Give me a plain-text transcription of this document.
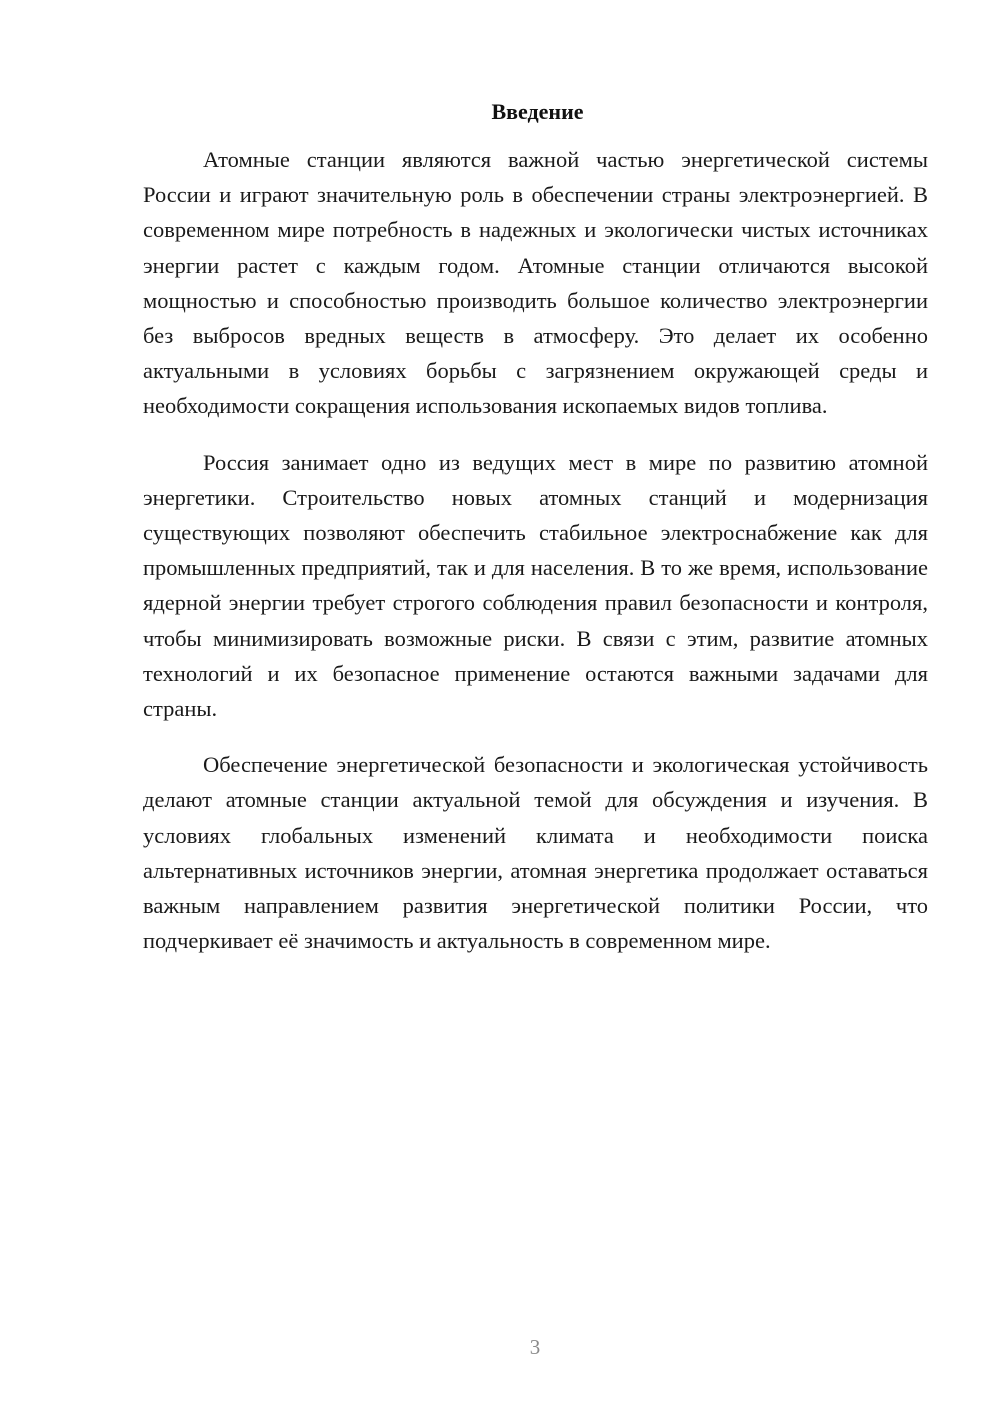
Введение

Атомные станции являются важной частью энергетической системы России и играют значительную роль в обеспечении страны электроэнергией. В современном мире потребность в надежных и экологически чистых источниках энергии растет с каждым годом. Атомные станции отличаются высокой мощностью и способностью производить большое количество электроэнергии без выбросов вредных веществ в атмосферу. Это делает их особенно актуальными в условиях борьбы с загрязнением окружающей среды и необходимости сокращения использования ископаемых видов топлива.

Россия занимает одно из ведущих мест в мире по развитию атомной энергетики. Строительство новых атомных станций и модернизация существующих позволяют обеспечить стабильное электроснабжение как для промышленных предприятий, так и для населения. В то же время, использование ядерной энергии требует строгого соблюдения правил безопасности и контроля, чтобы минимизировать возможные риски. В связи с этим, развитие атомных технологий и их безопасное применение остаются важными задачами для страны.

Обеспечение энергетической безопасности и экологическая устойчивость делают атомные станции актуальной темой для обсуждения и изучения. В условиях глобальных изменений климата и необходимости поиска альтернативных источников энергии, атомная энергетика продолжает оставаться важным направлением развития энергетической политики России, что подчеркивает её значимость и актуальность в современном мире.

3
